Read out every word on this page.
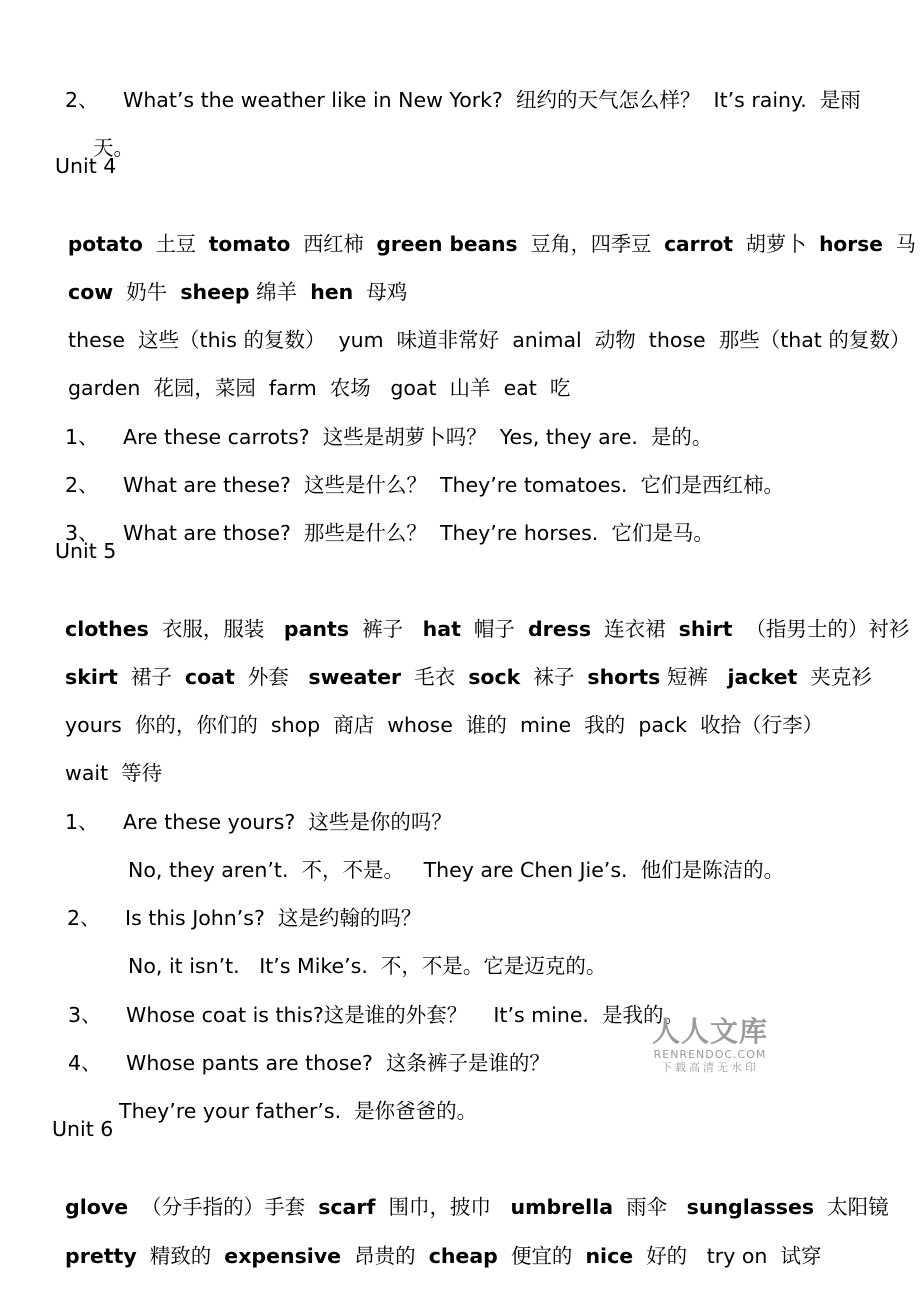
2、 What’s the weather like in New York? 纽约的天气怎么样？ It’s rainy. 是雨

天。

Unit 4

potato 土豆 tomato 西红柿 green beans 豆角，四季豆 carrot 胡萝卜 horse 马

cow 奶牛 sheep 绵羊 hen 母鸡

these 这些（this 的复数） yum 味道非常好 animal 动物 those 那些（that 的复数）

garden 花园，菜园 farm 农场 goat 山羊 eat 吃

1、 Are these carrots? 这些是胡萝卜吗？ Yes, they are. 是的。

2、 What are these? 这些是什么？ They’re tomatoes. 它们是西红柿。

3、 What are those? 那些是什么？ They’re horses. 它们是马。

Unit 5

clothes 衣服，服装 pants 裤子 hat 帽子 dress 连衣裙 shirt （指男士的）衬衫

skirt 裙子 coat 外套 sweater 毛衣 sock 袜子 shorts 短裤 jacket 夹克衫

yours 你的，你们的 shop 商店 whose 谁的 mine 我的 pack 收拾（行李）

wait 等待

1、 Are these yours? 这些是你的吗？

No, they aren’t. 不，不是。 They are Chen Jie’s. 他们是陈洁的。

2、 Is this John’s? 这是约翰的吗？

No, it isn’t. It’s Mike’s. 不，不是。它是迈克的。

3、 Whose coat is this?这是谁的外套？ It’s mine. 是我的。

4、 Whose pants are those? 这条裤子是谁的？

They’re your father’s. 是你爸爸的。

人人文库
RENRENDOC.COM
下载高清无水印
Unit 6

glove （分手指的）手套 scarf 围巾，披巾 umbrella 雨伞 sunglasses 太阳镜

pretty 精致的 expensive 昂贵的 cheap 便宜的 nice 好的 try on 试穿
